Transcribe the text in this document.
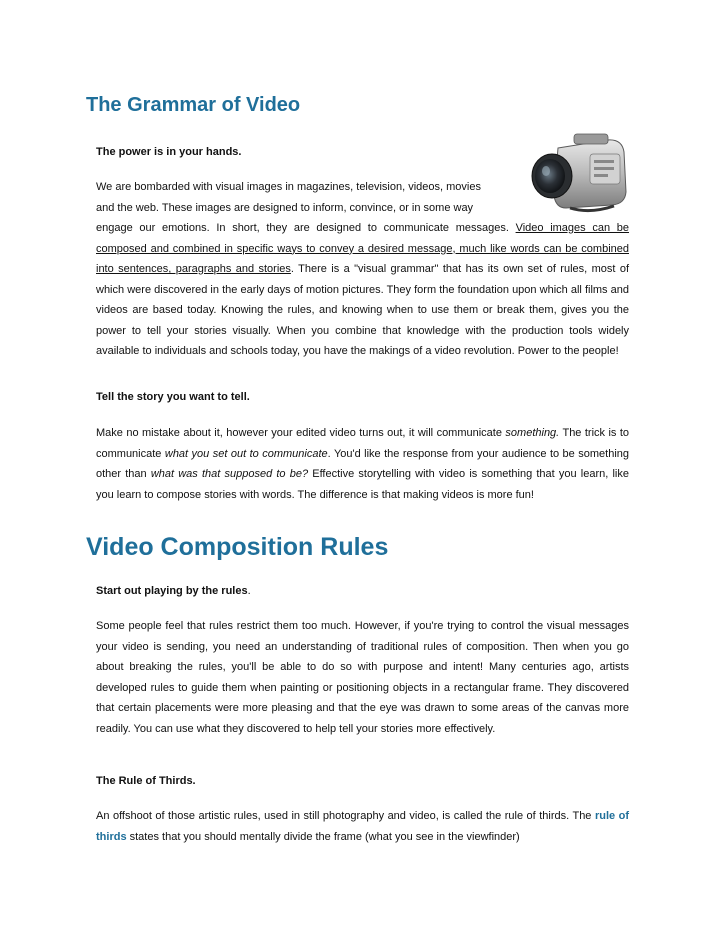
The Grammar of Video

The power is in your hands.

We are bombarded with visual images in magazines, television, videos, movies
and the web. These images are designed to inform, convince, or in some way

engage our emotions. In short, they are designed to communicate messages. Video images can be composed and combined in specific ways to convey a desired message, much like words can be combined into sentences, paragraphs and stories. There is a "visual grammar" that has its own set of rules, most of which were discovered in the early days of motion pictures. They form the foundation upon which all films and videos are based today. Knowing the rules, and knowing when to use them or break them, gives you the power to tell your stories visually. When you combine that knowledge with the production tools widely available to individuals and schools today, you have the makings of a video revolution. Power to the people!

Tell the story you want to tell.

Make no mistake about it, however your edited video turns out, it will communicate something. The trick is to communicate what you set out to communicate. You'd like the response from your audience to be something other than what was that supposed to be? Effective storytelling with video is something that you learn, like you learn to compose stories with words. The difference is that making videos is more fun!

Video Composition Rules

Start out playing by the rules.

Some people feel that rules restrict them too much. However, if you're trying to control the visual messages your video is sending, you need an understanding of traditional rules of composition. Then when you go about breaking the rules, you'll be able to do so with purpose and intent! Many centuries ago, artists developed rules to guide them when painting or positioning objects in a rectangular frame. They discovered that certain placements were more pleasing and that the eye was drawn to some areas of the canvas more readily. You can use what they discovered to help tell your stories more effectively.

The Rule of Thirds.

An offshoot of those artistic rules, used in still photography and video, is called the rule of thirds. The rule of thirds states that you should mentally divide the frame (what you see in the viewfinder)
